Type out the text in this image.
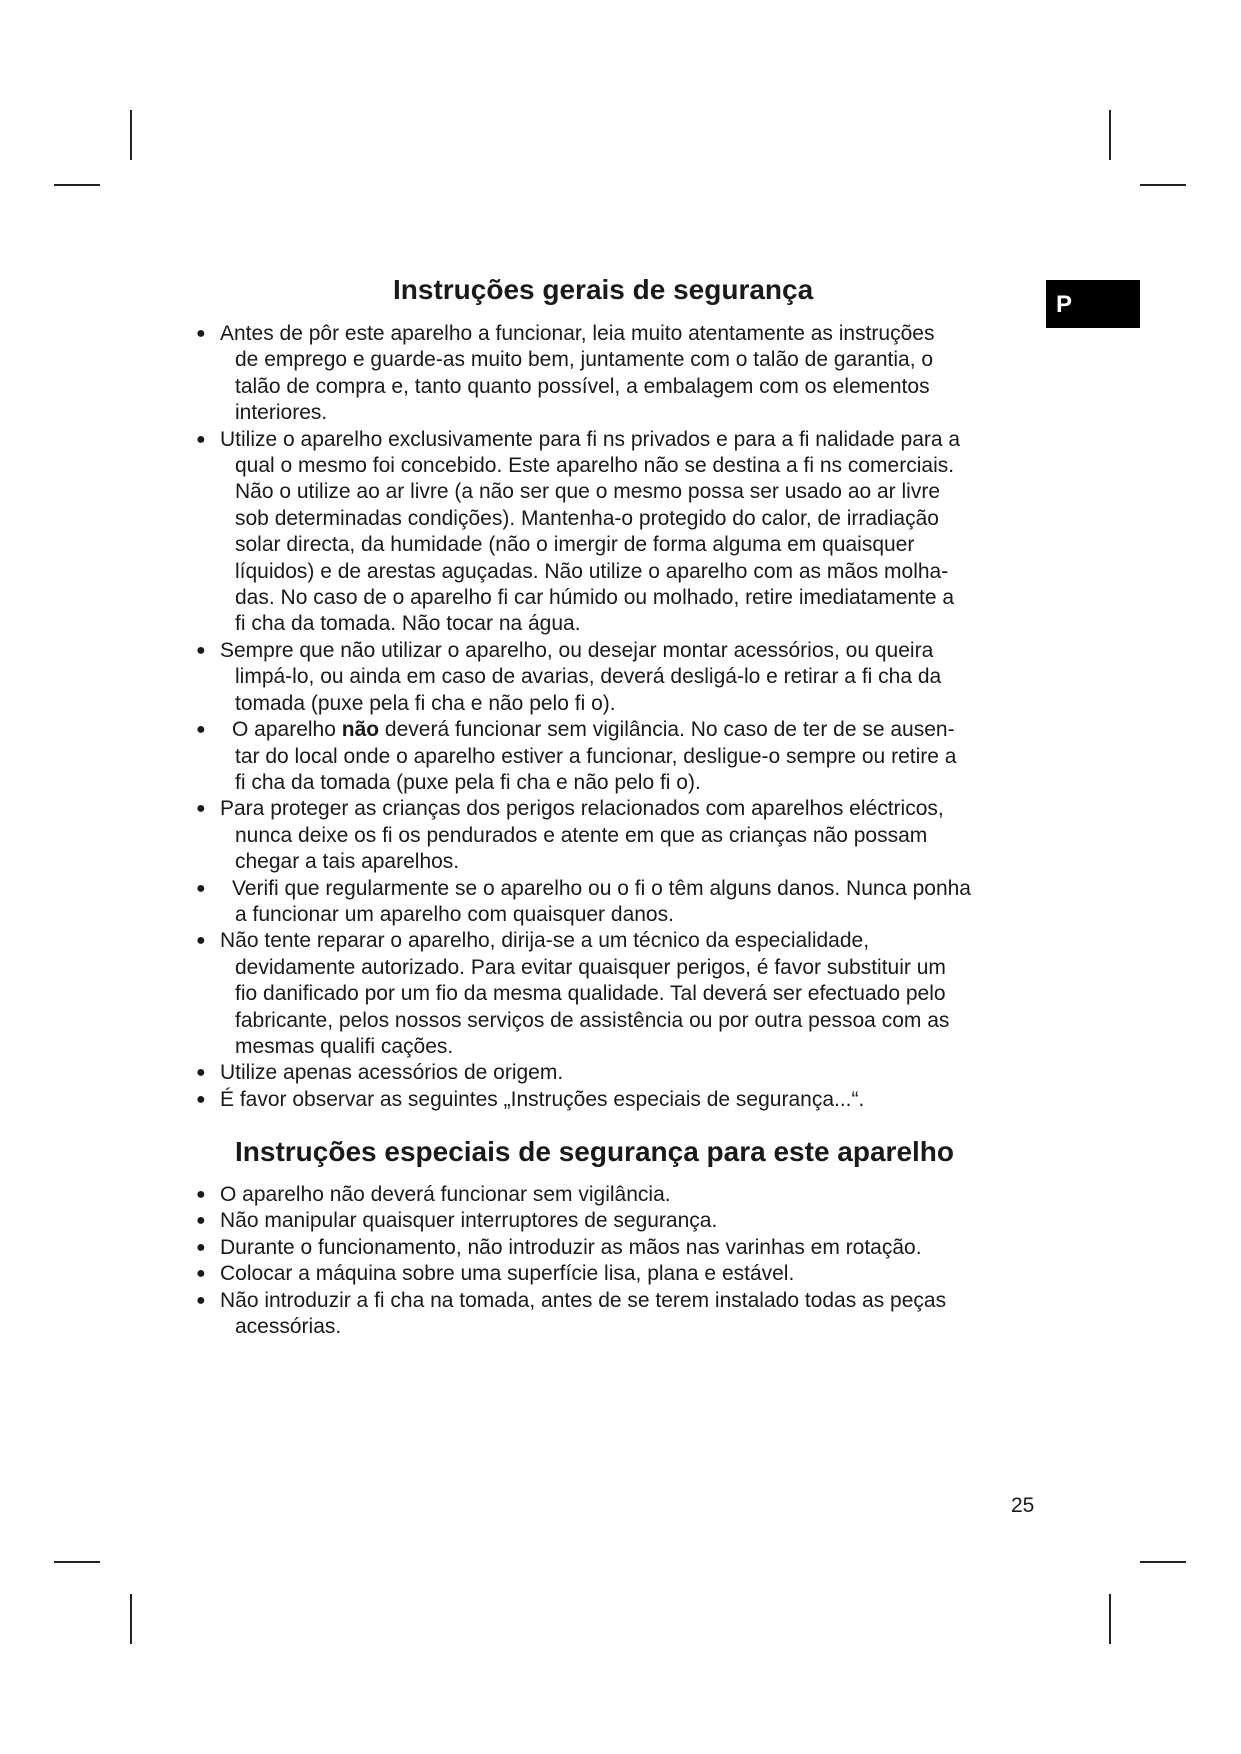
P
Instruções gerais de segurança
● Antes de pôr este aparelho a funcionar, leia muito atentamente as instruções
de emprego e guarde-as muito bem, juntamente com o talão de garantia, o
talão de compra e, tanto quanto possível, a embalagem com os elementos
interiores.
● Utilize o aparelho exclusivamente para fi ns privados e para a fi nalidade para a
qual o mesmo foi concebido. Este aparelho não se destina a fi ns comerciais.
Não o utilize ao ar livre (a não ser que o mesmo possa ser usado ao ar livre
sob determinadas condições). Mantenha-o protegido do calor, de irradiação
solar directa, da humidade (não o imergir de forma alguma em quaisquer
líquidos) e de arestas aguçadas. Não utilize o aparelho com as mãos molha-
das. No caso de o aparelho fi car húmido ou molhado, retire imediatamente a
fi cha da tomada. Não tocar na água.
● Sempre que não utilizar o aparelho, ou desejar montar acessórios, ou queira
limpá-lo, ou ainda em caso de avarias, deverá desligá-lo e retirar a fi cha da
tomada (puxe pela fi cha e não pelo fi o).
●	O aparelho não deverá funcionar sem vigilância. No caso de ter de se ausen-
tar do local onde o aparelho estiver a funcionar, desligue-o sempre ou retire a
fi cha da tomada (puxe pela fi cha e não pelo fi o).
● Para proteger as crianças dos perigos relacionados com aparelhos eléctricos,
nunca deixe os fi os pendurados e atente em que as crianças não possam
chegar a tais aparelhos.
●	Verifi que regularmente se o aparelho ou o fi o têm alguns danos. Nunca ponha
a funcionar um aparelho com quaisquer danos.
● Não tente reparar o aparelho, dirija-se a um técnico da especialidade,
devidamente autorizado. Para evitar quaisquer perigos, é favor substituir um
fio danificado por um fio da mesma qualidade. Tal deverá ser efectuado pelo
fabricante, pelos nossos serviços de assistência ou por outra pessoa com as
mesmas qualifi cações.
● Utilize apenas acessórios de origem.
● É favor observar as seguintes „Instruções especiais de segurança...“.
Instruções especiais de segurança para este aparelho
● O aparelho não deverá funcionar sem vigilância.
● Não manipular quaisquer interruptores de segurança.
● Durante o funcionamento, não introduzir as mãos nas varinhas em rotação.
● Colocar a máquina sobre uma superfície lisa, plana e estável.
● Não introduzir a fi cha na tomada, antes de se terem instalado todas as peças
acessórias.
25
